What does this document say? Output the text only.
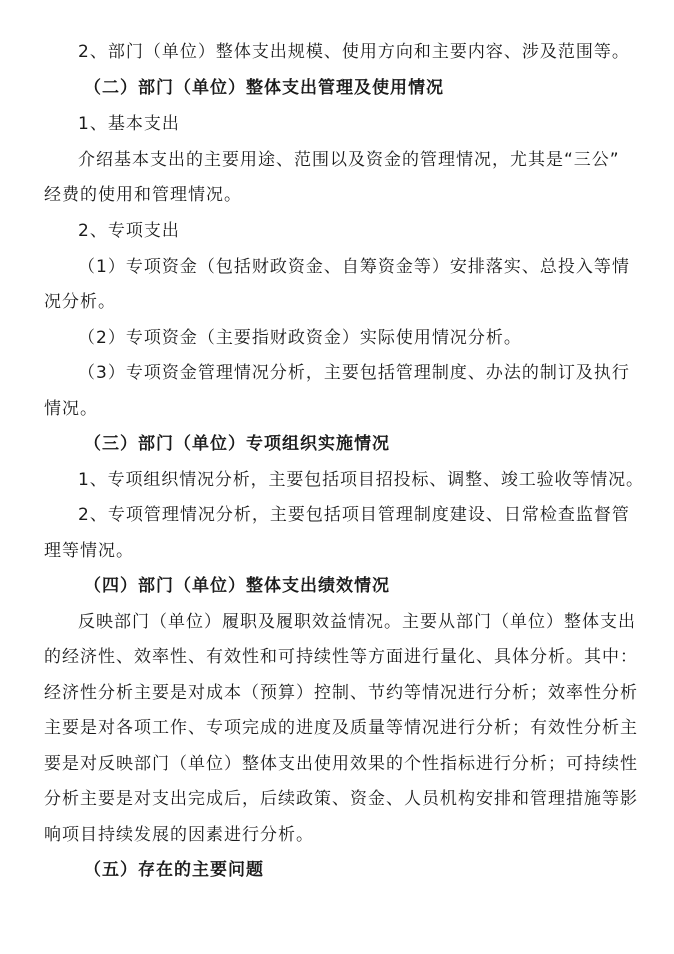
2、部门（单位）整体支出规模、使用方向和主要内容、涉及范围等。
（二）部门（单位）整体支出管理及使用情况
1、基本支出
介绍基本支出的主要用途、范围以及资金的管理情况，尤其是“三公”
经费的使用和管理情况。
2、专项支出
（1）专项资金（包括财政资金、自筹资金等）安排落实、总投入等情
况分析。
（2）专项资金（主要指财政资金）实际使用情况分析。
（3）专项资金管理情况分析，主要包括管理制度、办法的制订及执行
情况。
（三）部门（单位）专项组织实施情况
1、专项组织情况分析，主要包括项目招投标、调整、竣工验收等情况。
2、专项管理情况分析，主要包括项目管理制度建设、日常检查监督管
理等情况。
（四）部门（单位）整体支出绩效情况
反映部门（单位）履职及履职效益情况。主要从部门（单位）整体支出
的经济性、效率性、有效性和可持续性等方面进行量化、具体分析。其中：
经济性分析主要是对成本（预算）控制、节约等情况进行分析；效率性分析
主要是对各项工作、专项完成的进度及质量等情况进行分析；有效性分析主
要是对反映部门（单位）整体支出使用效果的个性指标进行分析；可持续性
分析主要是对支出完成后，后续政策、资金、人员机构安排和管理措施等影
响项目持续发展的因素进行分析。
（五）存在的主要问题
